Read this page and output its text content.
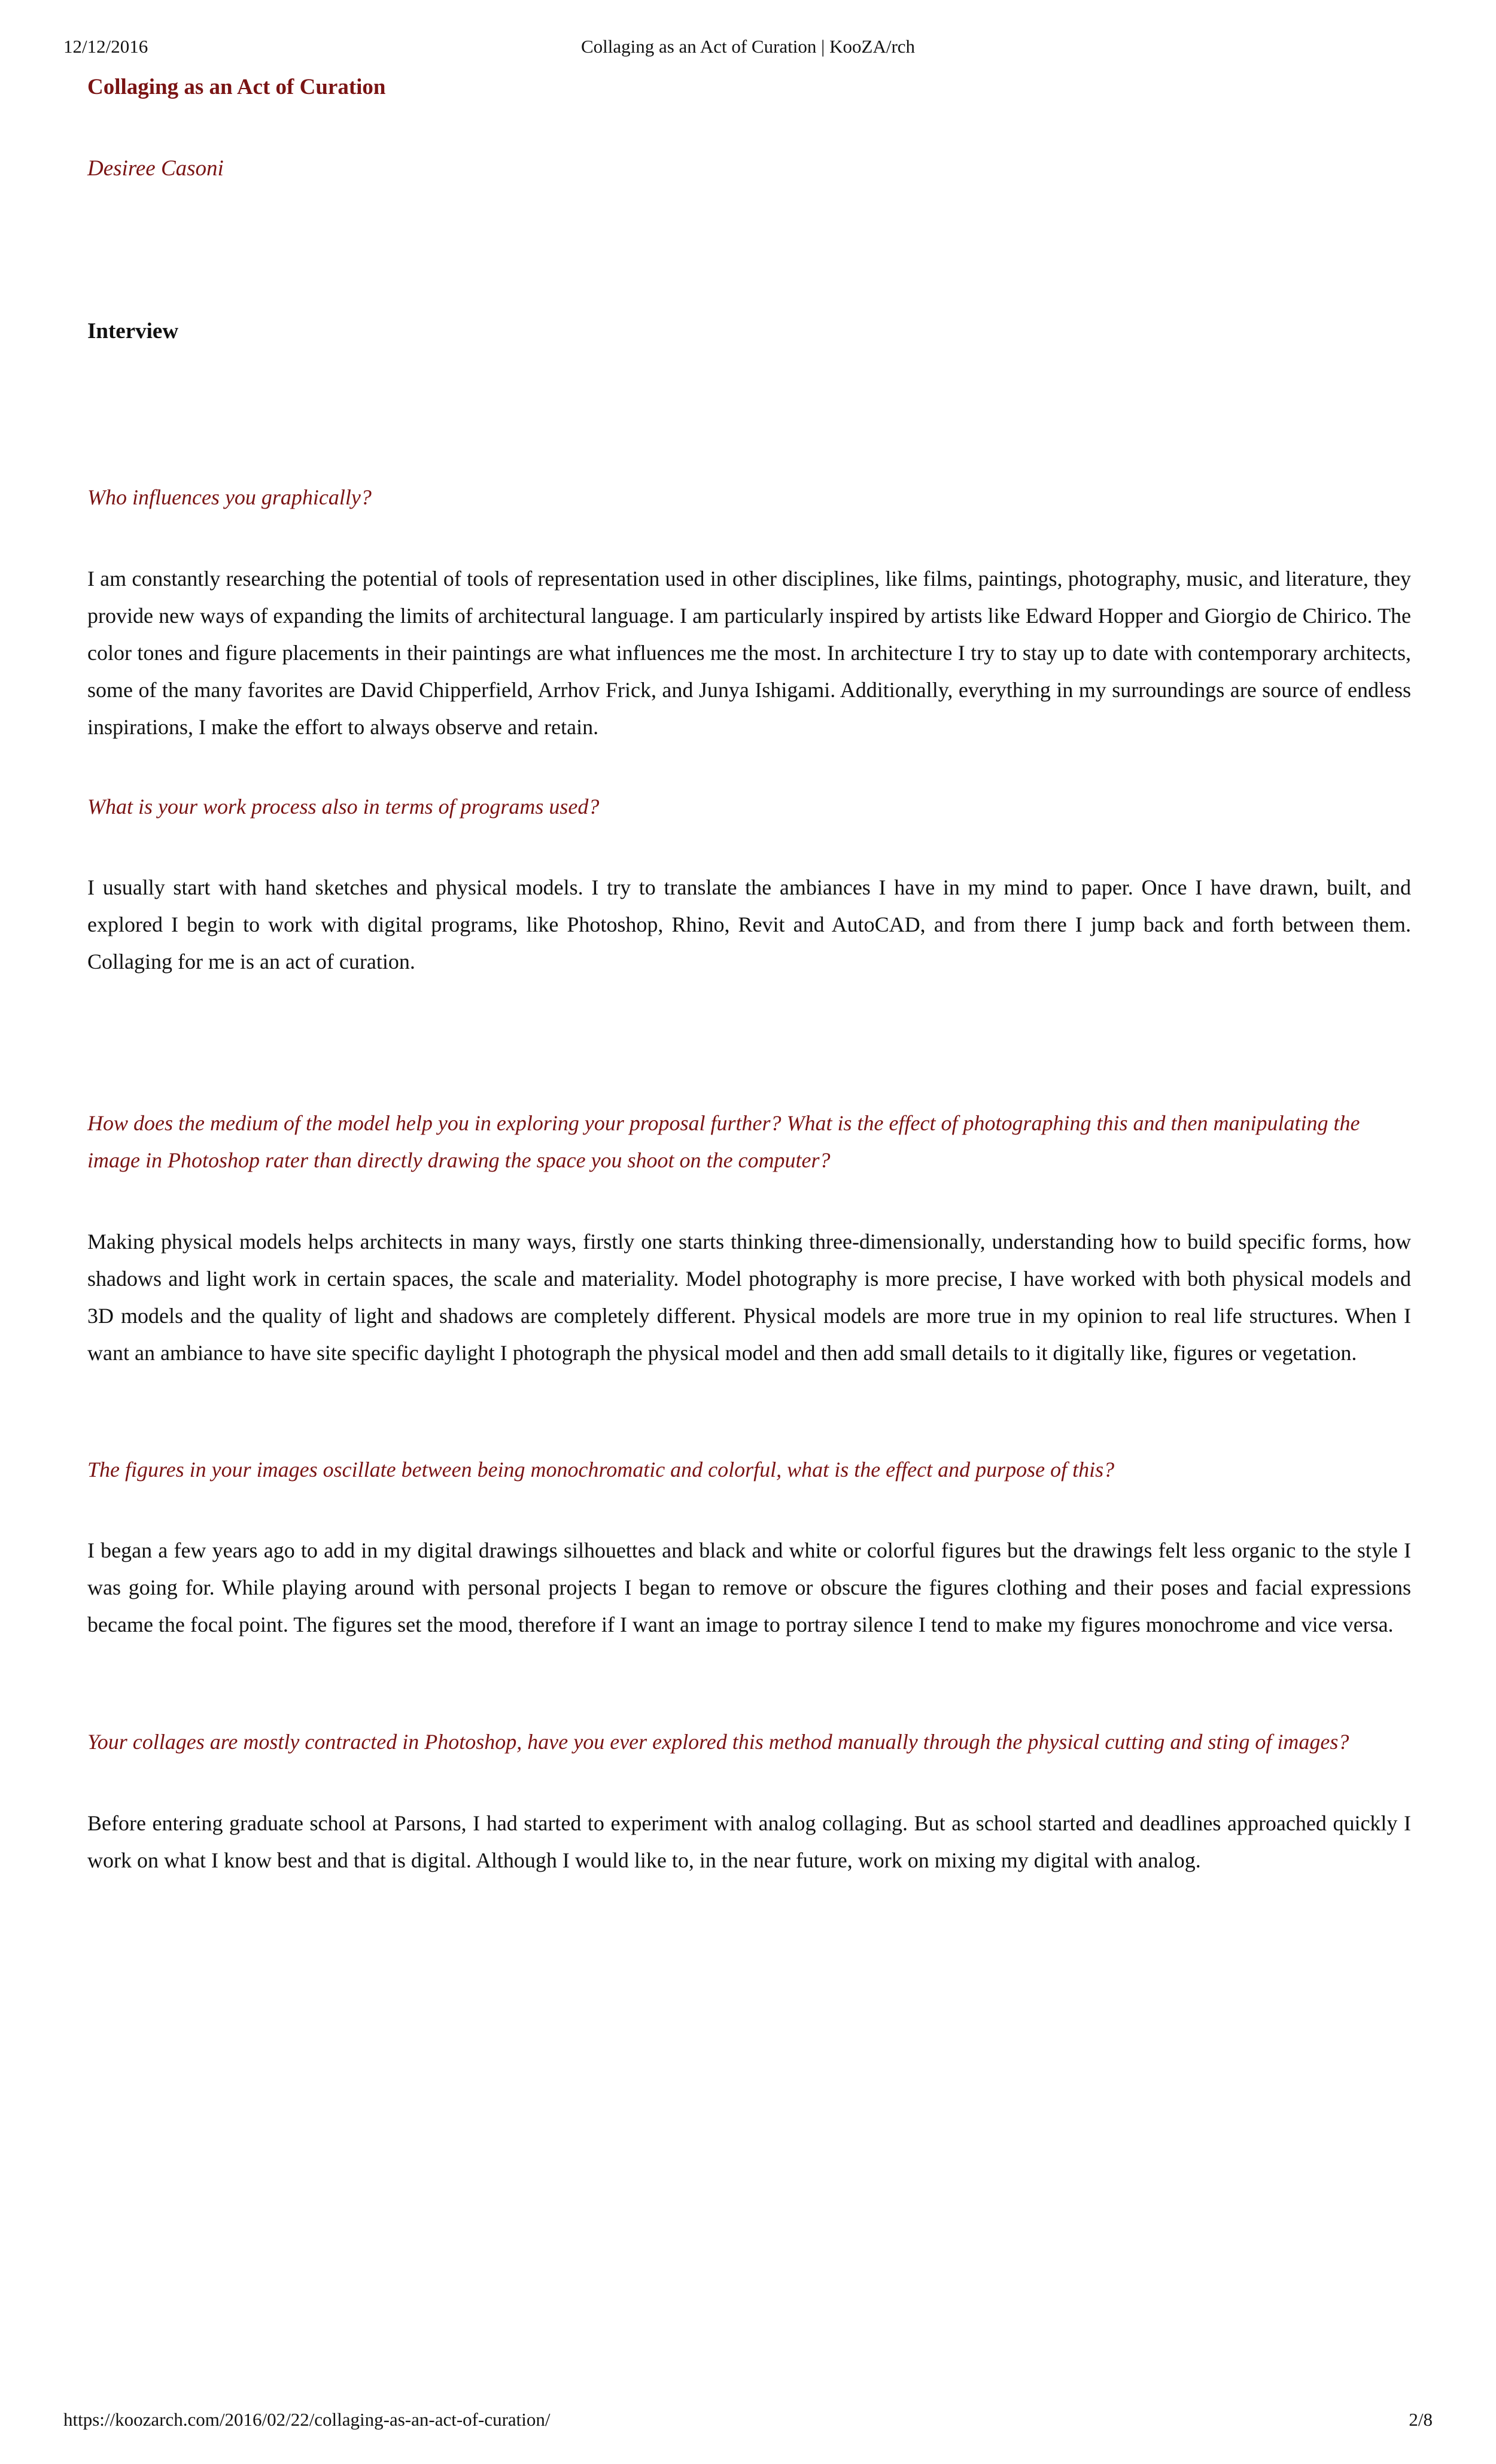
12/12/2016	Collaging as an Act of Curation | KooZA/rch
Collaging as an Act of Curation

Desiree Casoni

Interview

Who influences you graphically?

I am constantly researching the potential of tools of representation used in other disciplines, like films, paintings, photography, music, and literature, they provide new ways of expanding the limits of architectural language. I am particularly inspired by artists like Edward Hopper and Giorgio de Chirico. The color tones and figure placements in their paintings are what influences me the most. In architecture I try to stay up to date with contemporary architects, some of the many favorites are David Chipperfield, Arrhov Frick, and Junya Ishigami. Additionally, everything in my surroundings are source of endless inspirations, I make the effort to always observe and retain.

What is your work process also in terms of programs used?

I usually start with hand sketches and physical models. I try to translate the ambiances I have in my mind to paper. Once I have drawn, built, and explored I begin to work with digital programs, like Photoshop, Rhino, Revit and AutoCAD, and from there I jump back and forth between them. Collaging for me is an act of curation.

How does the medium of the model help you in exploring your proposal further? What is the effect of photographing this and then manipulating the image in Photoshop rater than directly drawing the space you shoot on the computer?

Making physical models helps architects in many ways, firstly one starts thinking three-dimensionally, understanding how to build specific forms, how shadows and light work in certain spaces, the scale and materiality. Model photography is more precise, I have worked with both physical models and 3D models and the quality of light and shadows are completely different. Physical models are more true in my opinion to real life structures. When I want an ambiance to have site specific daylight I photograph the physical model and then add small details to it digitally like, figures or vegetation.

The figures in your images oscillate between being monochromatic and colorful, what is the effect and purpose of this?

I began a few years ago to add in my digital drawings silhouettes and black and white or colorful figures but the drawings felt less organic to the style I was going for. While playing around with personal projects I began to remove or obscure the figures clothing and their poses and facial expressions became the focal point. The figures set the mood, therefore if I want an image to portray silence I tend to make my figures monochrome and vice versa.

Your collages are mostly contracted in Photoshop, have you ever explored this method manually through the physical cutting and sting of images?

Before entering graduate school at Parsons, I had started to experiment with analog collaging. But as school started and deadlines approached quickly I work on what I know best and that is digital. Although I would like to, in the near future, work on mixing my digital with analog.

https://koozarch.com/2016/02/22/collaging-as-an-act-of-curation/	2/8
